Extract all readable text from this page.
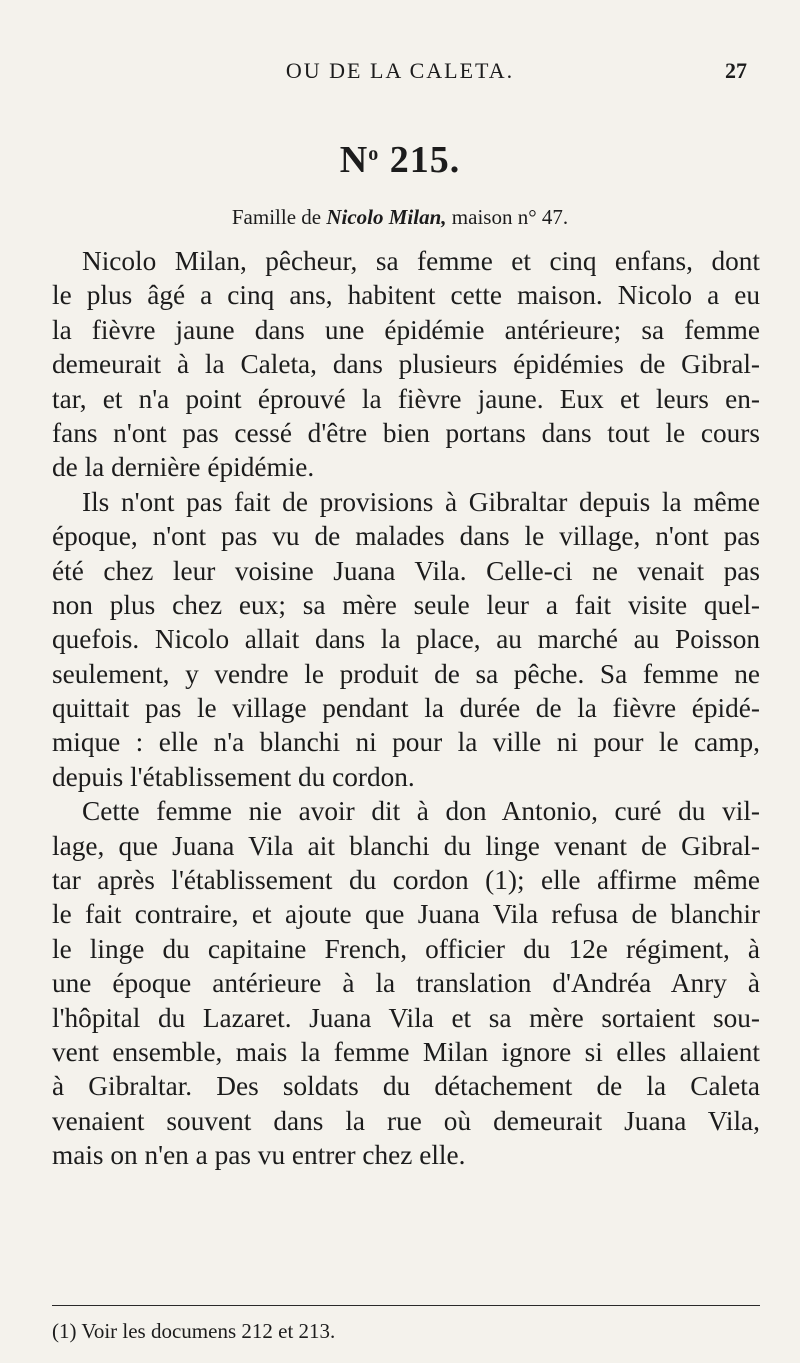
OU DE LA CALETA.	27
$N^o$ 215.
Famille de Nicolo Milan, maison n° 47.
Nicolo Milan, pêcheur, sa femme et cinq enfans, dont
le plus âgé a cinq ans, habitent cette maison. Nicolo a eu
la fièvre jaune dans une épidémie antérieure; sa femme
demeurait à la Caleta, dans plusieurs épidémies de Gibral-
tar, et n'a point éprouvé la fièvre jaune. Eux et leurs en-
fans n'ont pas cessé d'être bien portans dans tout le cours
de la dernière épidémie.
Ils n'ont pas fait de provisions à Gibraltar depuis la même
époque, n'ont pas vu de malades dans le village, n'ont pas
été chez leur voisine Juana Vila. Celle-ci ne venait pas
non plus chez eux; sa mère seule leur a fait visite quel-
quefois. Nicolo allait dans la place, au marché au Poisson
seulement, y vendre le produit de sa pêche. Sa femme ne
quittait pas le village pendant la durée de la fièvre épidé-
mique : elle n'a blanchi ni pour la ville ni pour le camp,
depuis l'établissement du cordon.
Cette femme nie avoir dit à don Antonio, curé du vil-
lage, que Juana Vila ait blanchi du linge venant de Gibral-
tar après l'établissement du cordon (1); elle affirme même
le fait contraire, et ajoute que Juana Vila refusa de blanchir
le linge du capitaine French, officier du 12e régiment, à
une époque antérieure à la translation d'Andréa Anry à
l'hôpital du Lazaret. Juana Vila et sa mère sortaient sou-
vent ensemble, mais la femme Milan ignore si elles allaient
à Gibraltar. Des soldats du détachement de la Caleta
venaient souvent dans la rue où demeurait Juana Vila,
mais on n'en a pas vu entrer chez elle.
(1) Voir les documens 212 et 213.
